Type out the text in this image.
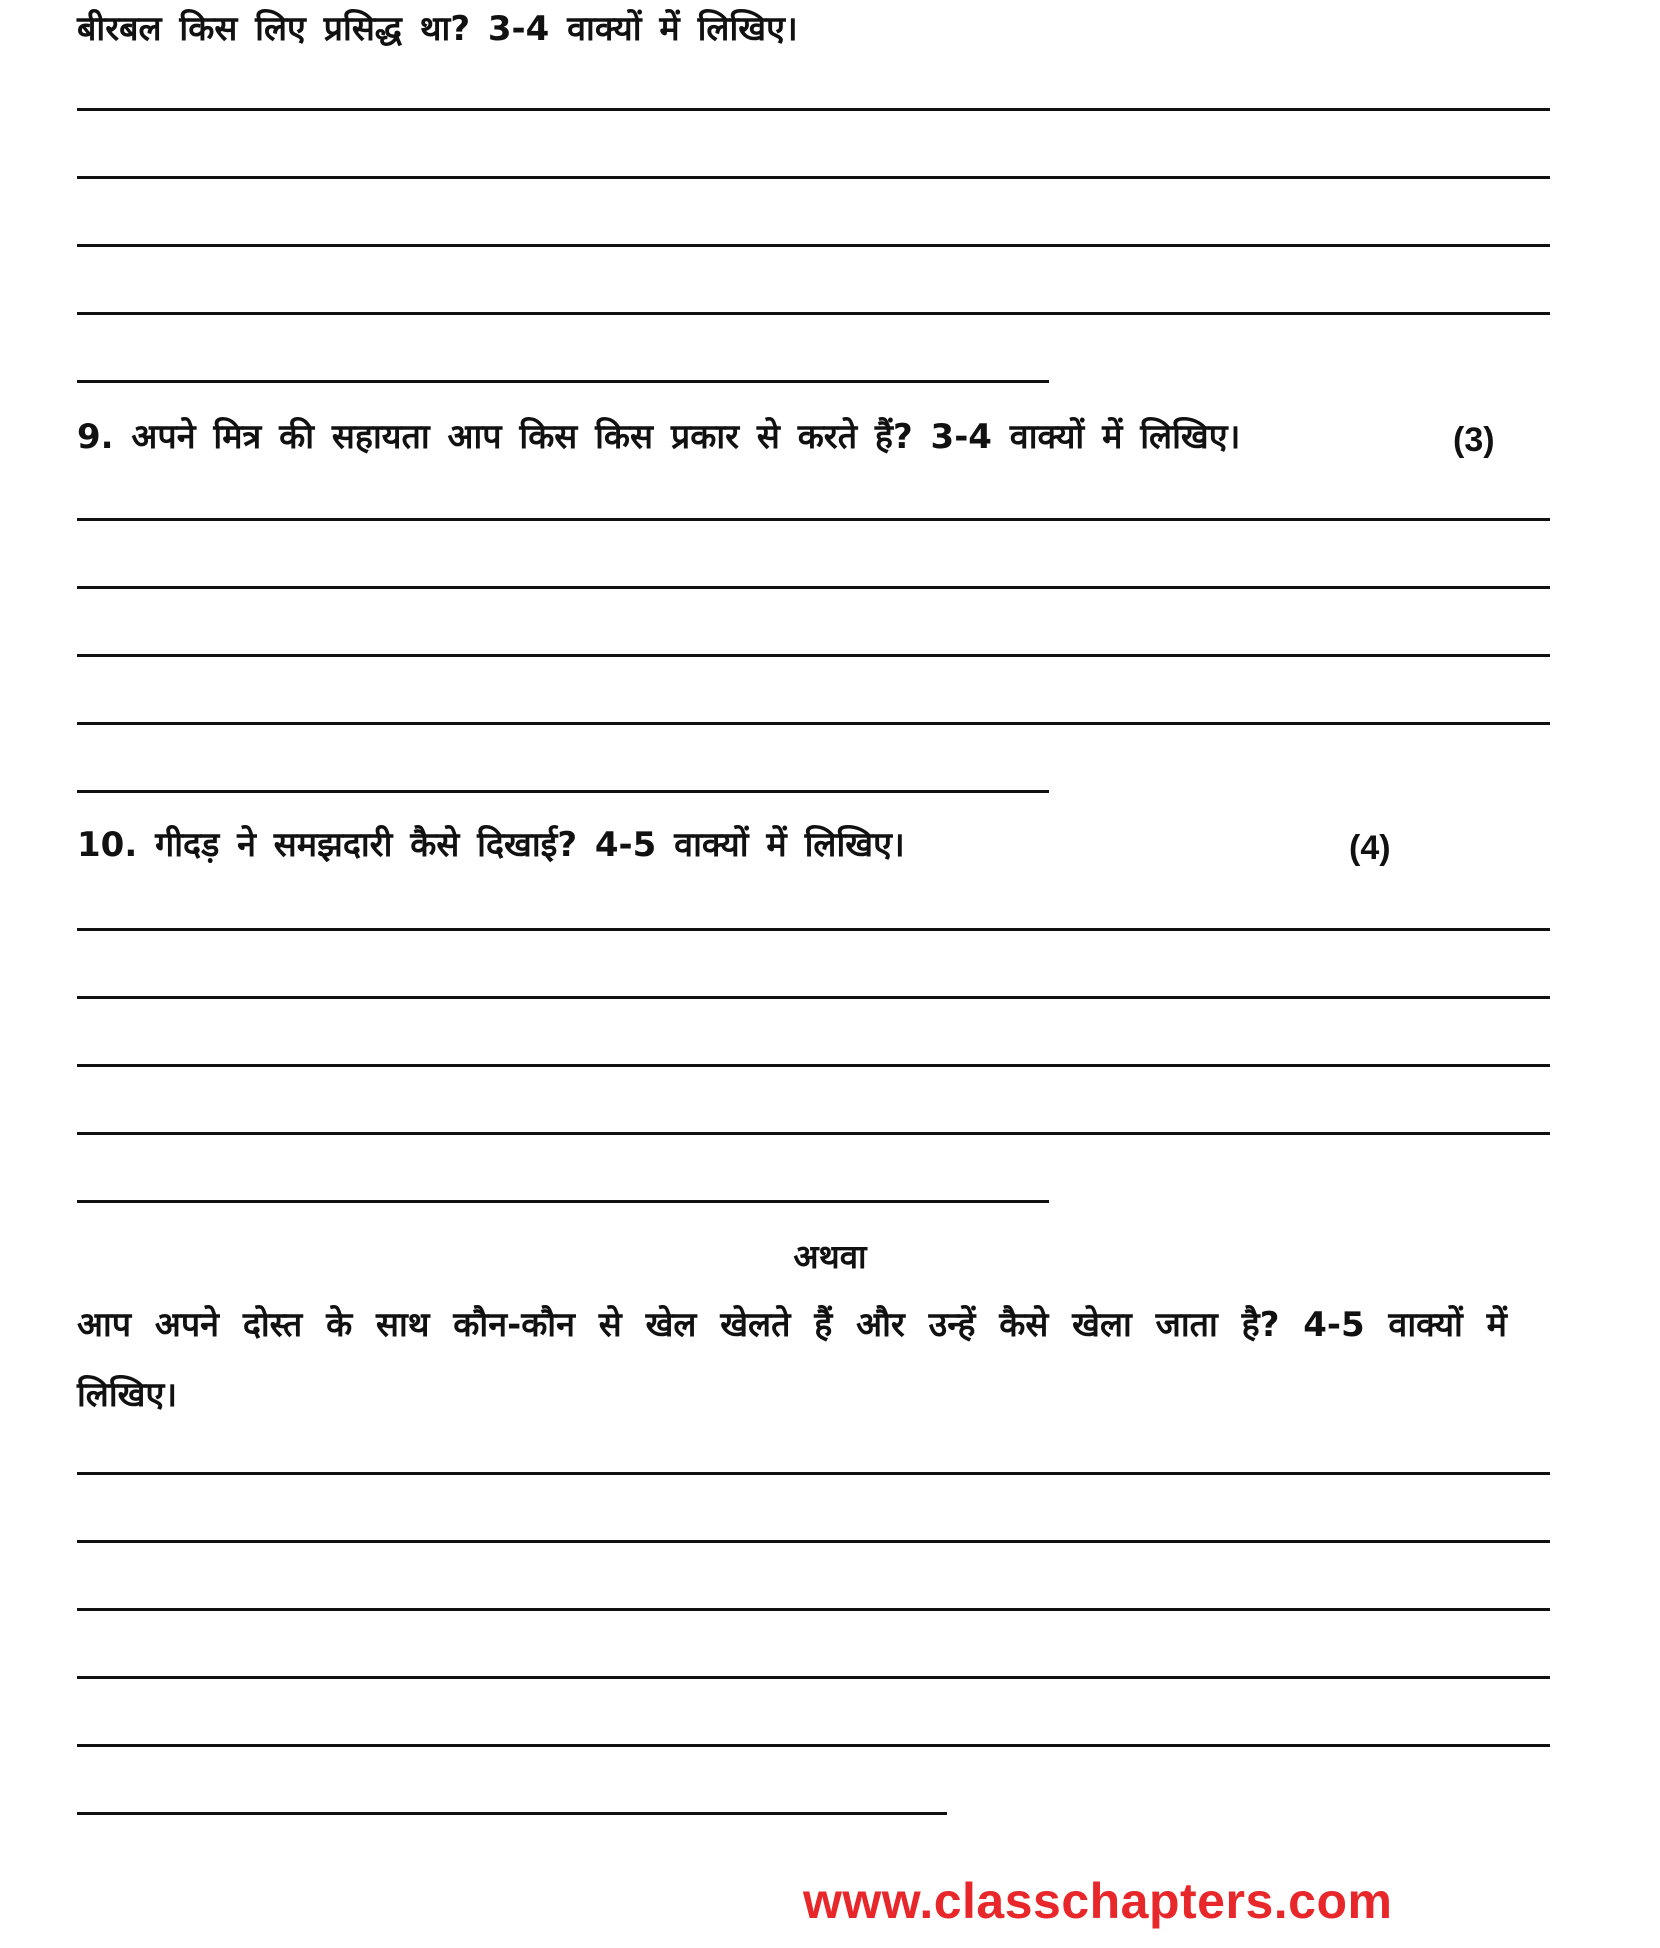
बीरबल किस लिए प्रसिद्ध था? 3-4 वाक्यों में लिखिए।
9. अपने मित्र की सहायता आप किस किस प्रकार से करते हैं? 3-4 वाक्यों में लिखिए।	(3)
10. गीदड़ ने समझदारी कैसे दिखाई? 4-5 वाक्यों में लिखिए।	(4)
अथवा
आप अपने दोस्त के साथ कौन-कौन से खेल खेलते हैं और उन्हें कैसे खेला जाता है? 4-5 वाक्यों में लिखिए।
www.classchapters.com
